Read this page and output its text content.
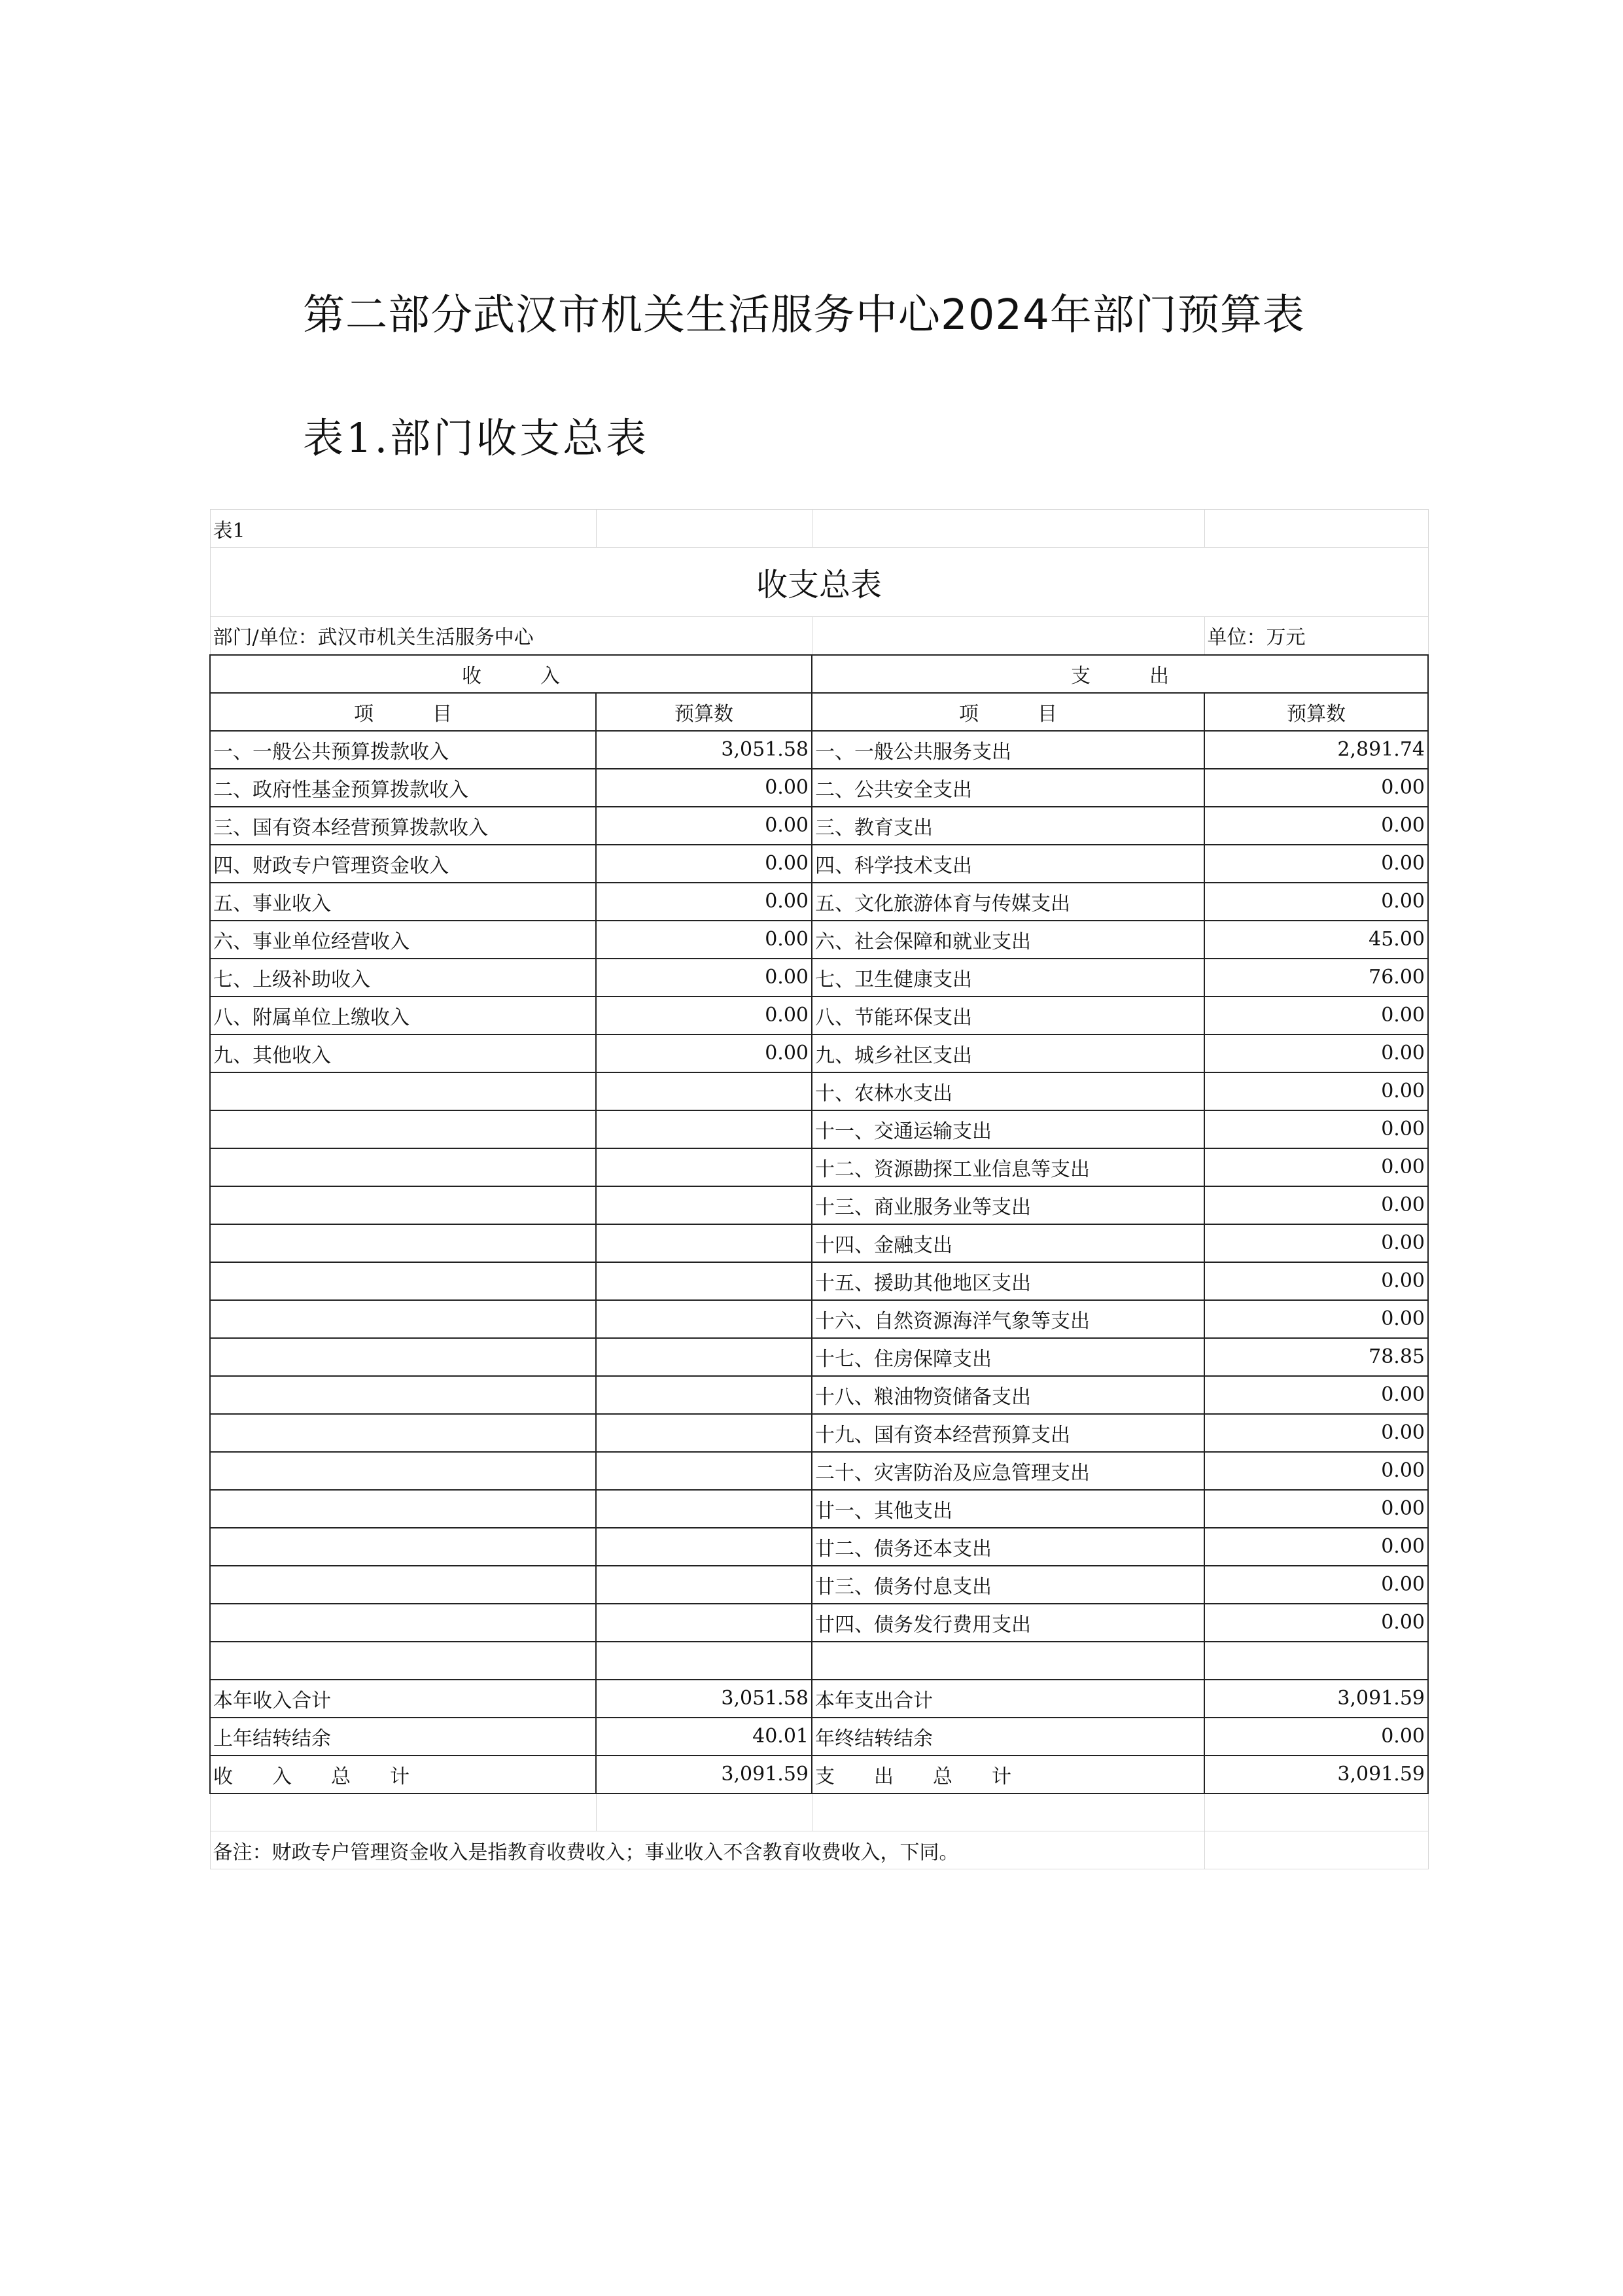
第二部分武汉市机关生活服务中心2024年部门预算表
表1.部门收支总表
表1			
收支总表			
部门/单位：武汉市机关生活服务中心			单位：万元
收　　　入		支　　　出	
项　　　目	预算数	项　　　目	预算数
一、一般公共预算拨款收入	3,051.58	一、一般公共服务支出	2,891.74
二、政府性基金预算拨款收入	0.00	二、公共安全支出	0.00
三、国有资本经营预算拨款收入	0.00	三、教育支出	0.00
四、财政专户管理资金收入	0.00	四、科学技术支出	0.00
五、事业收入	0.00	五、文化旅游体育与传媒支出	0.00
六、事业单位经营收入	0.00	六、社会保障和就业支出	45.00
七、上级补助收入	0.00	七、卫生健康支出	76.00
八、附属单位上缴收入	0.00	八、节能环保支出	0.00
九、其他收入	0.00	九、城乡社区支出	0.00
		十、农林水支出	0.00
		十一、交通运输支出	0.00
		十二、资源勘探工业信息等支出	0.00
		十三、商业服务业等支出	0.00
		十四、金融支出	0.00
		十五、援助其他地区支出	0.00
		十六、自然资源海洋气象等支出	0.00
		十七、住房保障支出	78.85
		十八、粮油物资储备支出	0.00
		十九、国有资本经营预算支出	0.00
		二十、灾害防治及应急管理支出	0.00
		廿一、其他支出	0.00
		廿二、债务还本支出	0.00
		廿三、债务付息支出	0.00
		廿四、债务发行费用支出	0.00

本年收入合计	3,051.58	本年支出合计	3,091.59
上年结转结余	40.01	年终结转结余	0.00
收　　入　　总　　计	3,091.59	支　　出　　总　　计	3,091.59

备注：财政专户管理资金收入是指教育收费收入；事业收入不含教育收费收入，下同。			
